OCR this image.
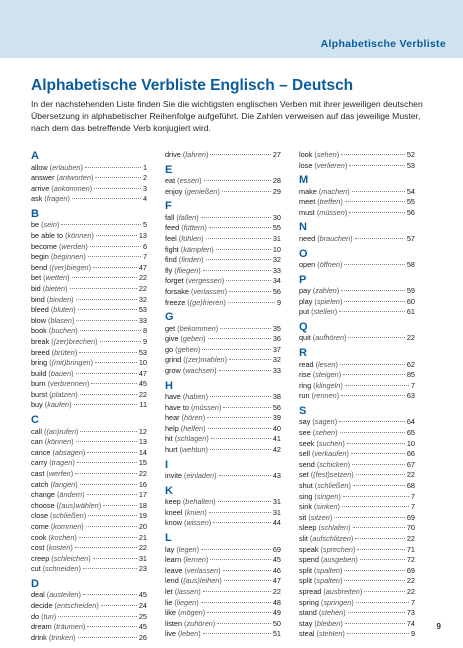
Alphabetische Verbliste
Alphabetische Verbliste Englisch – Deutsch

In der nachstehenden Liste finden Sie die wichtigsten englischen Verben mit ihrer jeweiligen deutschen Übersetzung in alphabetischer Reihenfolge aufgeführt. Die Zahlen verweisen auf das jeweilige Muster, nach dem das betreffende Verb konjugiert wird.

A
allow ( erlauben )	1
answer ( antworten )	2
arrive ( ankommen )	3
ask ( fragen )	4
B
be ( sein )	5
be able to ( können )	13
become ( werden )	6
begin ( beginnen )	7
bend ( (ver)biegen )	47
bet ( wetten )	22
bid ( bieten )	22
bind ( binden )	32
bleed ( bluten )	53
blow ( blasen )	33
book ( buchen )	8
break ( (zer)brechen )	9
breed ( brüten )	53
bring ( (mit)bringen )	10
build ( bauen )	47
burn ( verbrennen )	45
burst ( platzen )	22
buy ( kaufen )	11
C
call ( (an)rufen )	12
can ( können )	13
cance ( absagen )	14
carry ( tragen )	15
cast ( werfen )	22
catch ( fangen )	16
change ( ändern )	17
choose ( (aus)wählen )	18
close ( schließen )	19
come ( kommen )	20
cook ( kochen )	21
cost ( kosten )	22
creep ( schleichen )	31
cut ( schneiden )	23
D
deal ( austeilen )	45
decide ( entscheiden )	24
do ( tun )	25
dream ( träumen )	45
drink ( trinken )	26
drive ( fahren )	27
E
eat ( essen )	28
enjoy ( genießen )	29
F
fall ( fallen )	30
feed ( füttern )	55
feel ( fühlen )	31
fight ( kämpfen )	10
find ( finden )	32
fly ( fliegen )	33
forget ( vergessen )	34
forsake ( verlassen )	56
freeze ( (ge)frieren )	9
G
get ( bekommen )	35
give ( geben )	36
go ( gehen )	37
grind ( (zer)mahlen )	32
grow ( wachsen )	33
H
have ( haben )	38
have to ( müssen )	56
hear ( hören )	39
help ( helfen )	40
hit ( schlagen )	41
hurt ( wehtun )	42
I
invite ( einladen )	43
K
keep ( behalten )	31
kneel ( knien )	31
know ( wissen )	44
L
lay ( legen )	69
learn ( lernen )	45
leave ( verlassen )	46
lend ( (aus)leihen )	47
let ( lassen )	22
lie ( liegen )	48
like ( mögen )	49
listen ( zuhören )	50
live ( leben )	51
look ( sehen )	52
lose ( verlieren )	53
M
make ( machen )	54
meet ( treffen )	55
must ( müssen )	56
N
need ( brauchen )	57
O
open ( öffnen )	58
P
pay ( zahlen )	59
play ( spielen )	60
put ( stellen )	61
Q
quit ( aufhören )	22
R
read ( lesen )	62
rise ( steigen )	85
ring ( klingeln )	7
run ( rennen )	63
S
say ( sagen )	64
see ( sehen )	65
seek ( suchen )	10
sell ( verkaufen )	66
send ( schicken )	67
set ( (fest)setzen )	22
shut ( schließen )	68
sing ( singen )	7
sink ( sinken )	7
sit ( sitzen )	69
sleep ( schlafen )	70
slit ( aufschlitzen )	22
speak ( sprechen )	71
spend ( ausgeben )	72
split ( spalten )	69
split ( spalten )	22
spread ( ausbreiten )	22
spring ( springen )	7
stand ( stehen )	73
stay ( bleiben )	74
steal ( stehlen )	9
9
